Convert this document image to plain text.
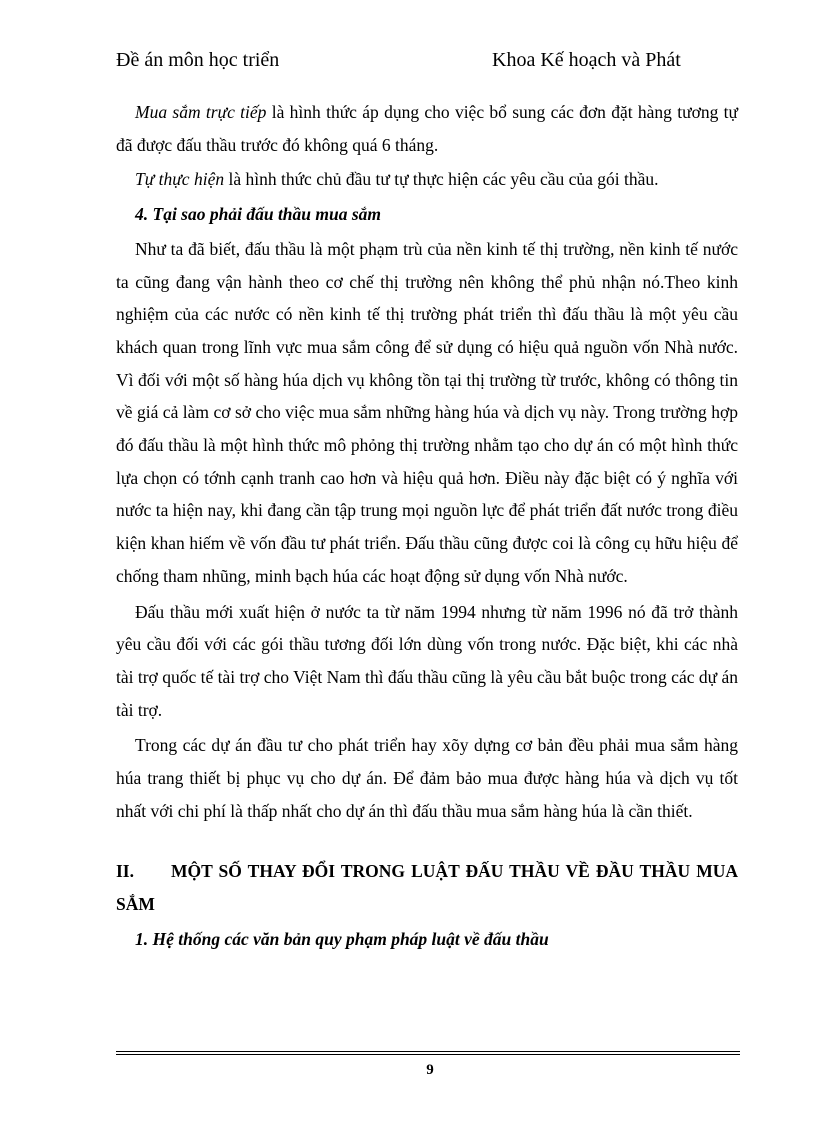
Đề án môn học triển	Khoa Kế hoạch và Phát

Mua sắm trực tiếp là hình thức áp dụng cho việc bổ sung các đơn đặt hàng tương tự đã được đấu thầu trước đó không quá 6 tháng.

Tự thực hiện là hình thức chủ đầu tư tự thực hiện các yêu cầu của gói thầu.

4. Tại sao phải đấu thầu mua sắm

Như ta đã biết, đấu thầu là một phạm trù của nền kinh tế thị trường, nền kinh tế nước ta cũng đang vận hành theo cơ chế thị trường nên không thể phủ nhận nó.Theo kinh nghiệm của các nước có nền kinh tế thị trường phát triển thì đấu thầu là một yêu cầu khách quan trong lĩnh vực mua sắm công để sử dụng có hiệu quả nguồn vốn Nhà nước. Vì đối với một số hàng húa dịch vụ không tồn tại thị trường từ trước, không có thông tin về giá cả làm cơ sở cho việc mua sắm những hàng húa và dịch vụ này. Trong trường hợp đó đấu thầu là một hình thức mô phỏng thị trường nhằm tạo cho dự án có một hình thức lựa chọn có tớnh cạnh tranh cao hơn và hiệu quả hơn. Điều này đặc biệt có ý nghĩa với nước ta hiện nay, khi đang cần tập trung mọi nguồn lực để phát triển đất nước trong điều kiện khan hiếm về vốn đầu tư phát triển. Đấu thầu cũng được coi là công cụ hữu hiệu để chống tham nhũng, minh bạch húa các hoạt động sử dụng vốn Nhà nước.

Đấu thầu mới xuất hiện ở nước ta từ năm 1994 nhưng từ năm 1996 nó đã trở thành yêu cầu đối với các gói thầu tương đối lớn dùng vốn trong nước. Đặc biệt, khi các nhà tài trợ quốc tế tài trợ cho Việt Nam thì đấu thầu cũng là yêu cầu bắt buộc trong các dự án tài trợ.

Trong các dự án đầu tư cho phát triển hay xõy dựng cơ bản đều phải mua sắm hàng húa trang thiết bị phục vụ cho dự án. Để đảm bảo mua được hàng húa và dịch vụ tốt nhất với chi phí là thấp nhất cho dự án thì đấu thầu mua sắm hàng húa là cần thiết.

II. MỘT SỐ THAY ĐỔI TRONG LUẬT ĐẤU THẦU VỀ ĐẦU THẦU MUA SẮM

1. Hệ thống các văn bản quy phạm pháp luật về đấu thầu

9
